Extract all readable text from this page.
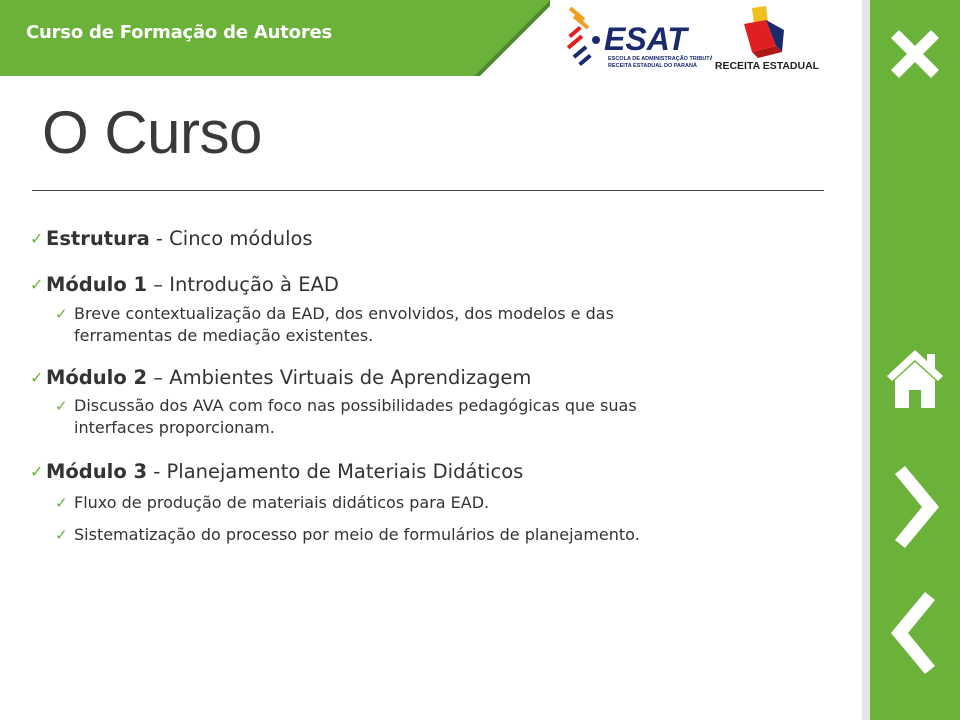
Curso de Formação de Autores	ESAT
ESCOLA DE ADMINISTRAÇÃO TRIBUTÁRIA
RECEITA ESTADUAL DO PARANÁ RECEITA ESTADUAL
O Curso
✓ Estrutura - Cinco módulos
✓ Módulo 1 – Introdução à EAD
✓ Breve contextualização da EAD, dos envolvidos, dos modelos e das
ferramentas de mediação existentes.
✓ Módulo 2 – Ambientes Virtuais de Aprendizagem
✓ Discussão dos AVA com foco nas possibilidades pedagógicas que suas
interfaces proporcionam.
✓ Módulo 3 - Planejamento de Materiais Didáticos
✓ Fluxo de produção de materiais didáticos para EAD.
✓ Sistematização do processo por meio de formulários de planejamento.
